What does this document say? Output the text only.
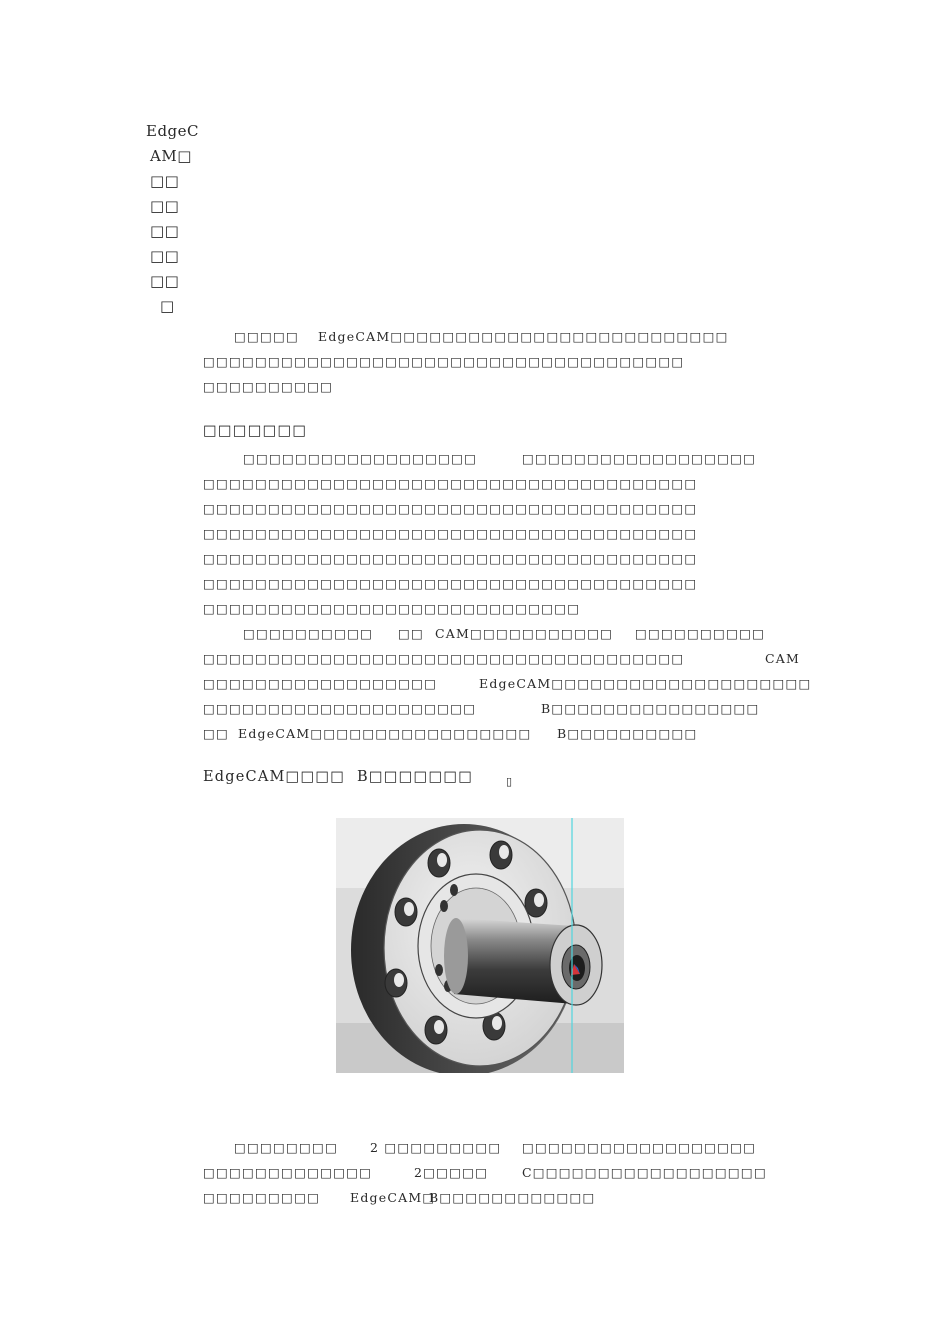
EdgeC
AM□
□□
□□
□□
□□
□□
□
□□□□□ EdgeCAM□□□□□□□□□□□□□□□□□□□□□□□□□□
□□□□□□□□□□□□□□□□□□□□□□□□□□□□□□□□□□□□□
□□□□□□□□□□
□□□□□□□
□□□□□□□□□□□□□□□□□□	□□□□□□□□□□□□□□□□□□
□□□□□□□□□□□□□□□□□□□□□□□□□□□□□□□□□□□□□□
□□□□□□□□□□□□□□□□□□□□□□□□□□□□□□□□□□□□□□
□□□□□□□□□□□□□□□□□□□□□□□□□□□□□□□□□□□□□□
□□□□□□□□□□□□□□□□□□□□□□□□□□□□□□□□□□□□□□
□□□□□□□□□□□□□□□□□□□□□□□□□□□□□□□□□□□□□□
□□□□□□□□□□□□□□□□□□□□□□□□□□□□□
□□□□□□□□□□ □□ CAM□□□□□□□□□□□ □□□□□□□□□□
□□□□□□□□□□□□□□□□□□□□□□□□□□□□□□□□□□□□□	CAM
□□□□□□□□□□□□□□□□□□	EdgeCAM□□□□□□□□□□□□□□□□□□□□
□□□□□□□□□□□□□□□□□□□□□	B□□□□□□□□□□□□□□□□
□□ EdgeCAM□□□□□□□□□□□□□□□□□ B□□□□□□□□□□
EdgeCAM□□□□ B□□□□□□□	▯
□□□□□□□□	2 □□□□□□□□□ □□□□□□□□□□□□□□□□□□
□□□□□□□□□□□□□	2□□□□□	C□□□□□□□□□□□□□□□□□□
□□□□□□□□□ EdgeCAM□
B□□□□□□□□□□□□
